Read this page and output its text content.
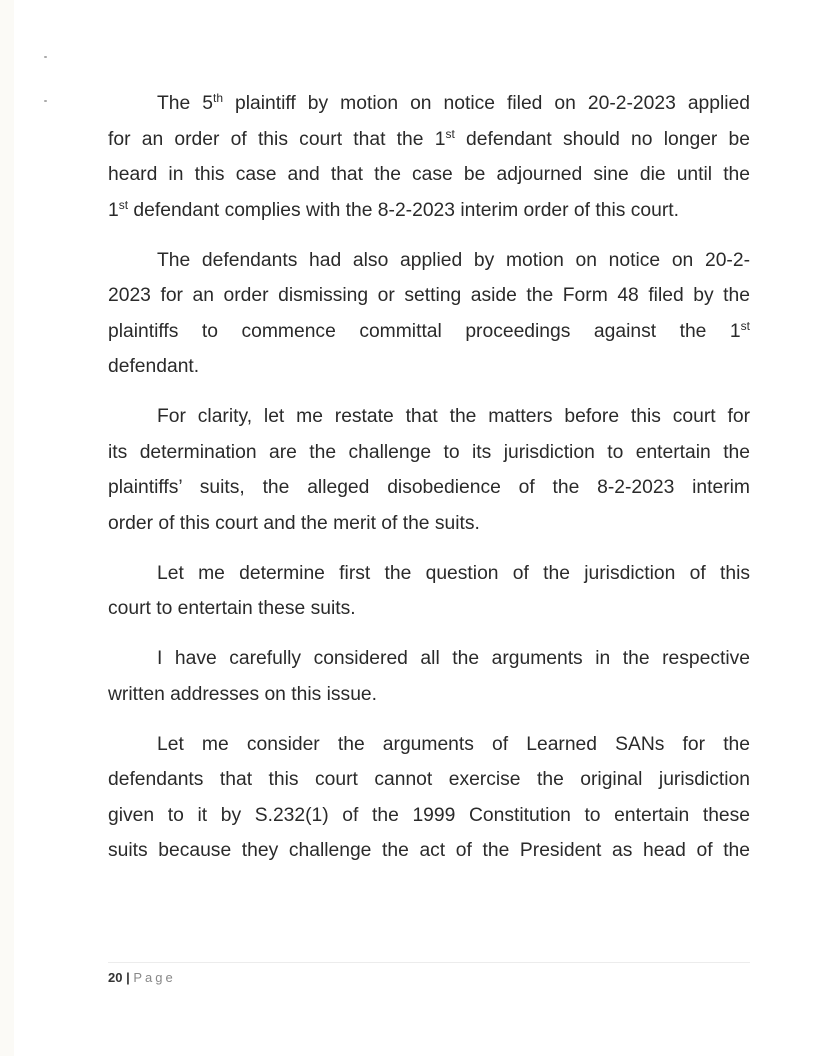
The 5th plaintiff by motion on notice filed on 20-2-2023 applied
for an order of this court that the 1st defendant should no longer be
heard in this case and that the case be adjourned sine die until the
1st defendant complies with the 8-2-2023 interim order of this court.
The defendants had also applied by motion on notice on 20-2-
2023 for an order dismissing or setting aside the Form 48 filed by the
plaintiffs to commence committal proceedings against the 1st
defendant.
For clarity, let me restate that the matters before this court for
its determination are the challenge to its jurisdiction to entertain the
plaintiffs’ suits, the alleged disobedience of the 8-2-2023 interim
order of this court and the merit of the suits.
Let me determine first the question of the jurisdiction of this
court to entertain these suits.
I have carefully considered all the arguments in the respective
written addresses on this issue.
Let me consider the arguments of Learned SANs for the
defendants that this court cannot exercise the original jurisdiction
given to it by S.232(1) of the 1999 Constitution to entertain these
suits because they challenge the act of the President as head of the
20 | Page
